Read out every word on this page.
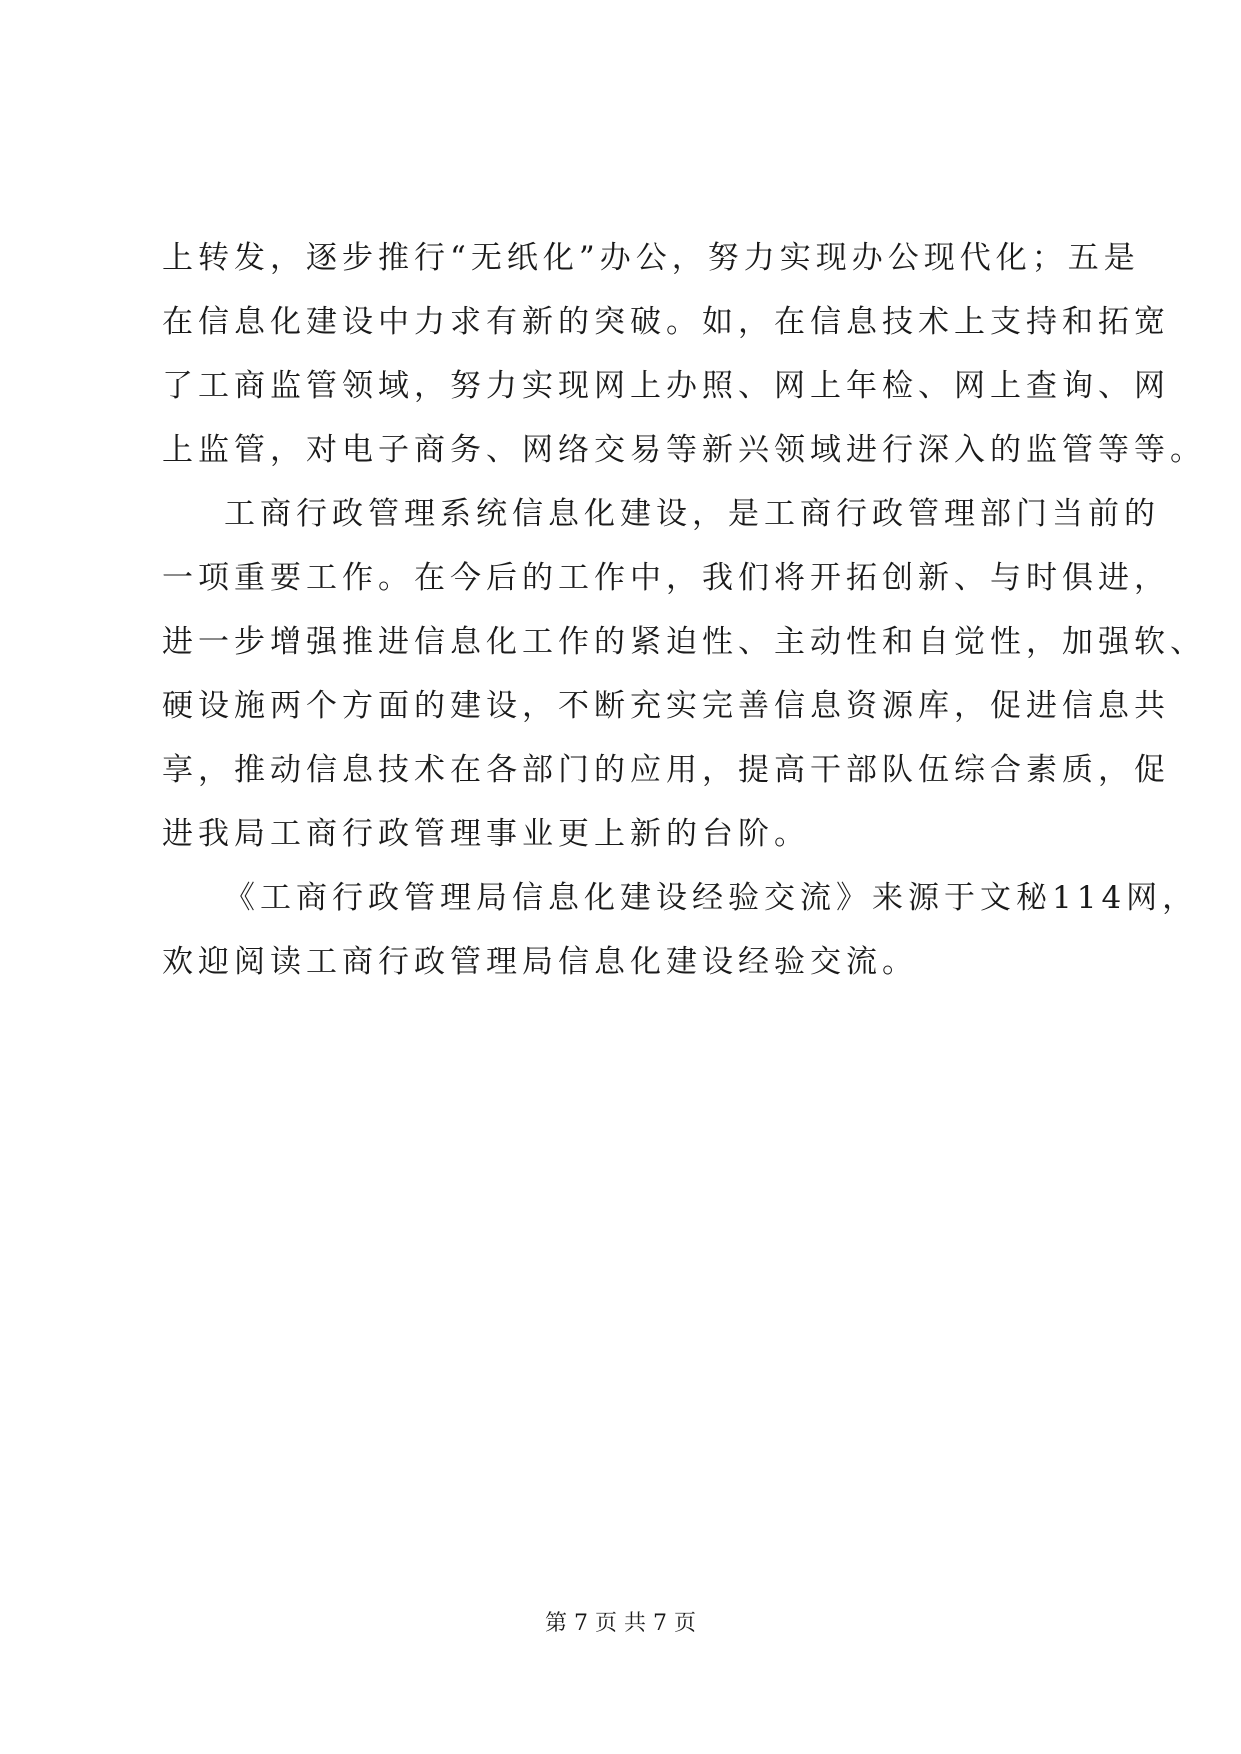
上转发，逐步推行“无纸化”办公，努力实现办公现代化；五是
在信息化建设中力求有新的突破。如，在信息技术上支持和拓宽
了工商监管领域，努力实现网上办照、网上年检、网上查询、网
上监管，对电子商务、网络交易等新兴领域进行深入的监管等等。
工商行政管理系统信息化建设，是工商行政管理部门当前的
一项重要工作。在今后的工作中，我们将开拓创新、与时俱进，
进一步增强推进信息化工作的紧迫性、主动性和自觉性，加强软、
硬设施两个方面的建设，不断充实完善信息资源库，促进信息共
享，推动信息技术在各部门的应用，提高干部队伍综合素质，促
进我局工商行政管理事业更上新的台阶。
《工商行政管理局信息化建设经验交流》来源于文秘114网，
欢迎阅读工商行政管理局信息化建设经验交流。
第 7 页 共 7 页
